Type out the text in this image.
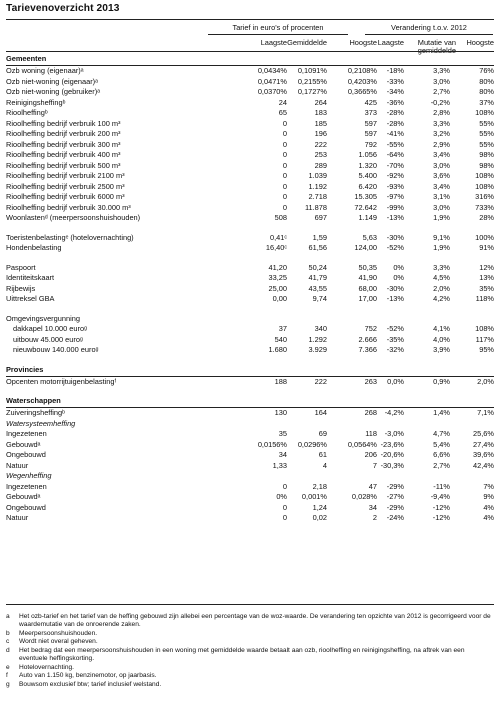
Tarievenoverzicht 2013
Tarief in euro's of procenten	Verandering t.o.v. 2012
Laagste Gemiddelde	Hoogste Laagste Mutatie van Hoogste
Gemeenten
Ozb woning (eigenaar)ᵃ	0,0434% 0,1091%	0,2108% -18%	3,3%	76%
Ozb niet-woning (eigenaar)ᵃ	0,0471% 0,2155%	0,4203% -33%	3,0%	80%
Ozb niet-woning (gebruiker)ᵃ	0,0370% 0,1727%	0,3665% -34%	2,7%	80%
Reinigingsheffingᵇ	24	264	425 -36%	-0,2%	37%
Rioolheffingᵇ	65	183	373 -28%	2,8%	108%
Rioolheffing bedrijf verbruik 100 m³	0	185	597 -28%	3,3%	55%
Rioolheffing bedrijf verbruik 200 m³	0	196	597 -41%	3,2%	55%
Rioolheffing bedrijf verbruik 300 m³	0	222	792 -55%	2,9%	55%
Rioolheffing bedrijf verbruik 400 m³	0	253	1.056 -64%	3,4%	98%
Rioolheffing bedrijf verbruik 500 m³	0	289	1.320 -70%	3,0%	98%
Rioolheffing bedrijf verbruik 2100 m³	0	1.039	5.400 -92%	3,6%	108%
Rioolheffing bedrijf verbruik 2500 m³	0	1.192	6.420 -93%	3,4%	108%
Rioolheffing bedrijf verbruik 6000 m³	0	2.718	15.305 -97%	3,1%	316%
Rioolheffing bedrijf verbruik 30.000 m³	0 11.878	72.642 -99%	3,0%	733%
Woonlastenᵈ (meerpersoonshuishouden)	508	697	1.149 -13%	1,9%	28%
Toeristenbelastingᵉ (hotelovernachting)	0,41ᶜ	1,59	5,63 -30%	9,1%	100%
Hondenbelasting	16,40ᶜ	61,56	124,00 -52%	1,9%	91%
Paspoort	41,20	50,24	50,35 0%	3,3%	12%
Identiteitskaart	33,25	41,79	41,90 0%	4,5%	13%
Rijbewijs	25,00	43,55	68,00 -30%	2,0%	35%
Uittreksel GBA	0,00	9,74	17,00 -13%	4,2%	118%
Omgevingsvergunning
dakkapel 10.000 euroᵍ	37	340	752 -52%	4,1%	108%
uitbouw 45.000 euroᵍ	540	1.292	2.666 -35%	4,0%	117%
nieuwbouw 140.000 euroᵍ	1.680	3.929	7.366 -32%	3,9%	95%
Provincies
Opcenten motorrijtuigenbelastingᶠ	188	222	263 0,0%	0,9%	2,0%
Waterschappen
Zuiveringsheffingᵇ	130	164	268 -4,2%	1,4%	7,1%
Watersysteemheffing
Ingezetenen	35	69	118 -3,0%	4,7%	25,6%
Gebouwdᵃ	0,0156% 0,0296%	0,0564% -23,6%	5,4%	27,4%
Ongebouwd	34	61	206 -20,6%	6,6%	39,6%
Natuur	1,33	4	7 -30,3%	2,7%	42,4%
Wegenheffing
Ingezetenen	0	2,18	47 -29%	-11%	7%
Gebouwdᵃ	0% 0,001%	0,028% -27%	-9,4%	9%
Ongebouwd	0	1,24	34 -29%	-12%	4%
Natuur	0	0,02	2 -24%	-12%	4%
a Het ozb-tarief en het tarief van de heffing gebouwd zijn allebei een percentage van de woz-waarde. De verandering ten opzichte van 2012 is gecorrigeerd voor de waardemutatie van de onroerende zaken.
b Meerpersoonshuishouden.
c Wordt niet overal geheven.
d Het bedrag dat een meerpersoonshuishouden in een woning met gemiddelde waarde betaalt aan ozb, rioolheffing en reinigingsheffing, na aftrek van een eventuele heffingskorting.
e Hotelovernachting.
f Auto van 1.150 kg, benzinemotor, op jaarbasis.
g Bouwsom exclusief btw; tarief inclusief welstand.
